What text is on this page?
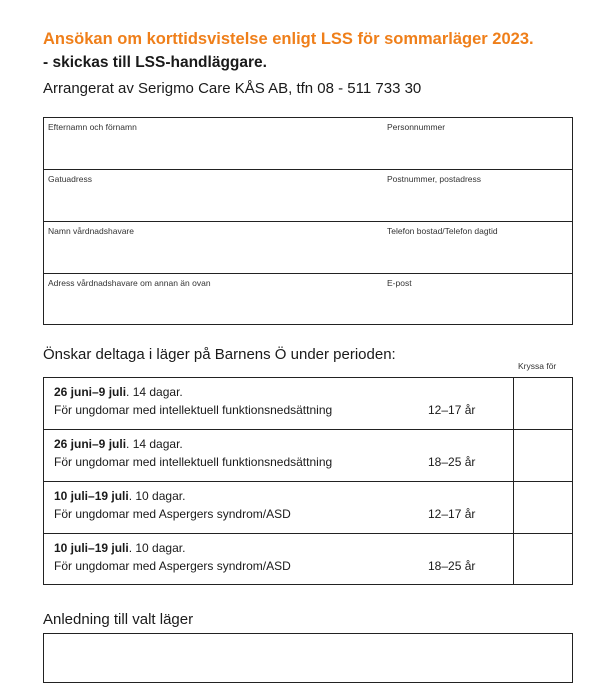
Ansökan om korttidsvistelse enligt LSS för sommarläger 2023.
- skickas till LSS-handläggare.
Arrangerat av Serigmo Care KÅS AB, tfn 08 - 511 733 30
Efternamn och förnamn	Personnummer
Gatuadress	Postnummer, postadress
Namn vårdnadshavare	Telefon bostad/Telefon dagtid
Adress vårdnadshavare om annan än ovan	E-post
Önskar deltaga i läger på Barnens Ö under perioden:
Kryssa för
26 juni–9 juli. 14 dagar.
För ungdomar med intellektuell funktionsnedsättning	12–17 år
26 juni–9 juli. 14 dagar.
För ungdomar med intellektuell funktionsnedsättning	18–25 år
10 juli–19 juli. 10 dagar.
För ungdomar med Aspergers syndrom/ASD	12–17 år
10 juli–19 juli. 10 dagar.
För ungdomar med Aspergers syndrom/ASD	18–25 år
Anledning till valt läger
